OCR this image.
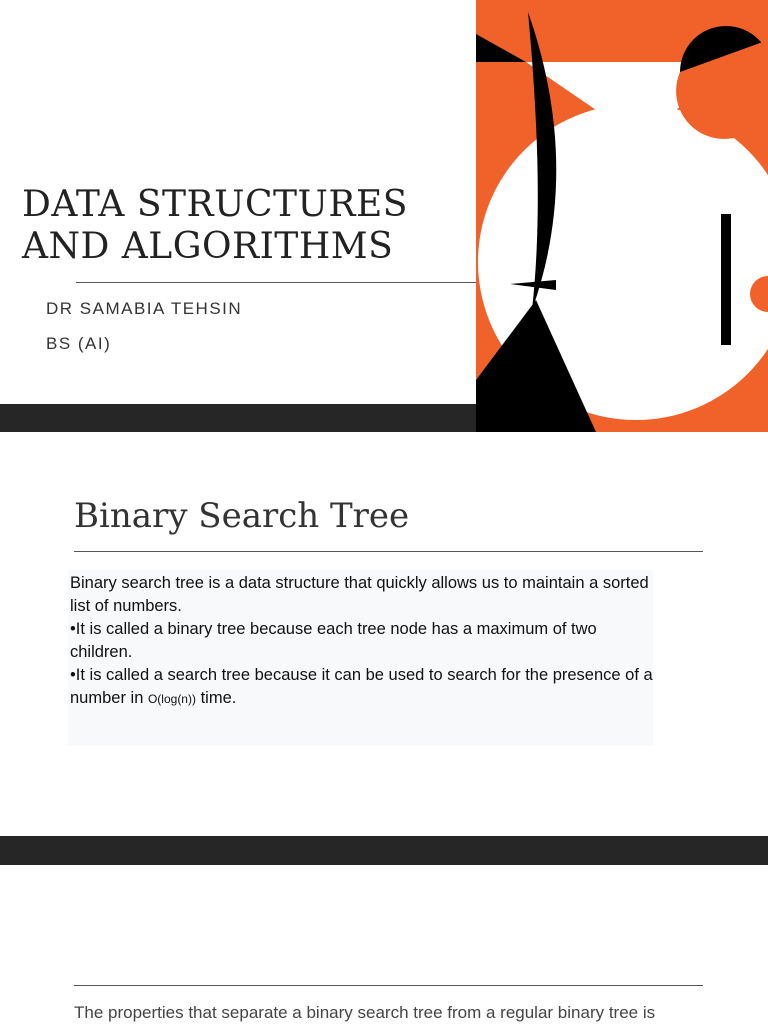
DATA STRUCTURES
AND ALGORITHMS

DR SAMABIA TEHSIN

BS (AI)

Binary Search Tree

Binary search tree is a data structure that quickly allows us to maintain a sorted list of numbers.

•It is called a binary tree because each tree node has a maximum of two children.

•It is called a search tree because it can be used to search for the presence of a number in O(log(n)) time.

The properties that separate a binary search tree from a regular binary tree is
